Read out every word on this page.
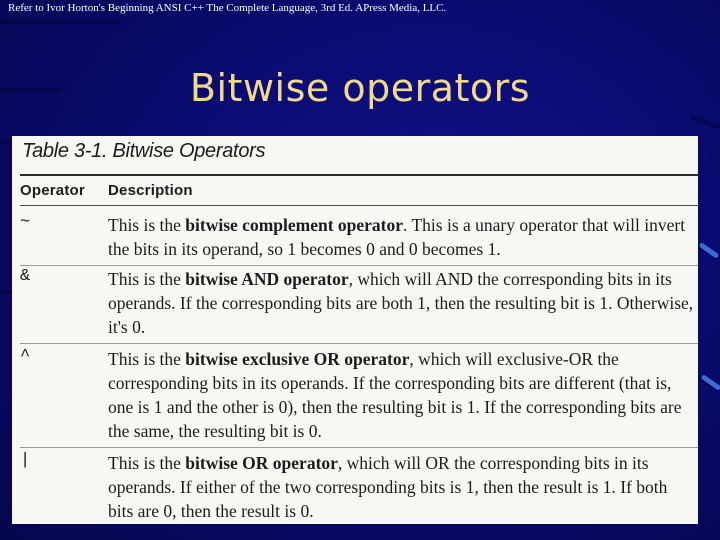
Refer to Ivor Horton's Beginning ANSI C++ The Complete Language, 3rd Ed. APress Media, LLC.
Bitwise operators
Table 3-1. Bitwise Operators
Operator Description
~	This is the bitwise complement operator. This is a unary operator that will invert the bits in its operand, so 1 becomes 0 and 0 becomes 1.
&	This is the bitwise AND operator, which will AND the corresponding bits in its operands. If the corresponding bits are both 1, then the resulting bit is 1. Otherwise, it's 0.
^	This is the bitwise exclusive OR operator, which will exclusive-OR the corresponding bits in its operands. If the corresponding bits are different (that is, one is 1 and the other is 0), then the resulting bit is 1. If the corresponding bits are the same, the resulting bit is 0.
|	This is the bitwise OR operator, which will OR the corresponding bits in its operands. If either of the two corresponding bits is 1, then the result is 1. If both bits are 0, then the result is 0.
